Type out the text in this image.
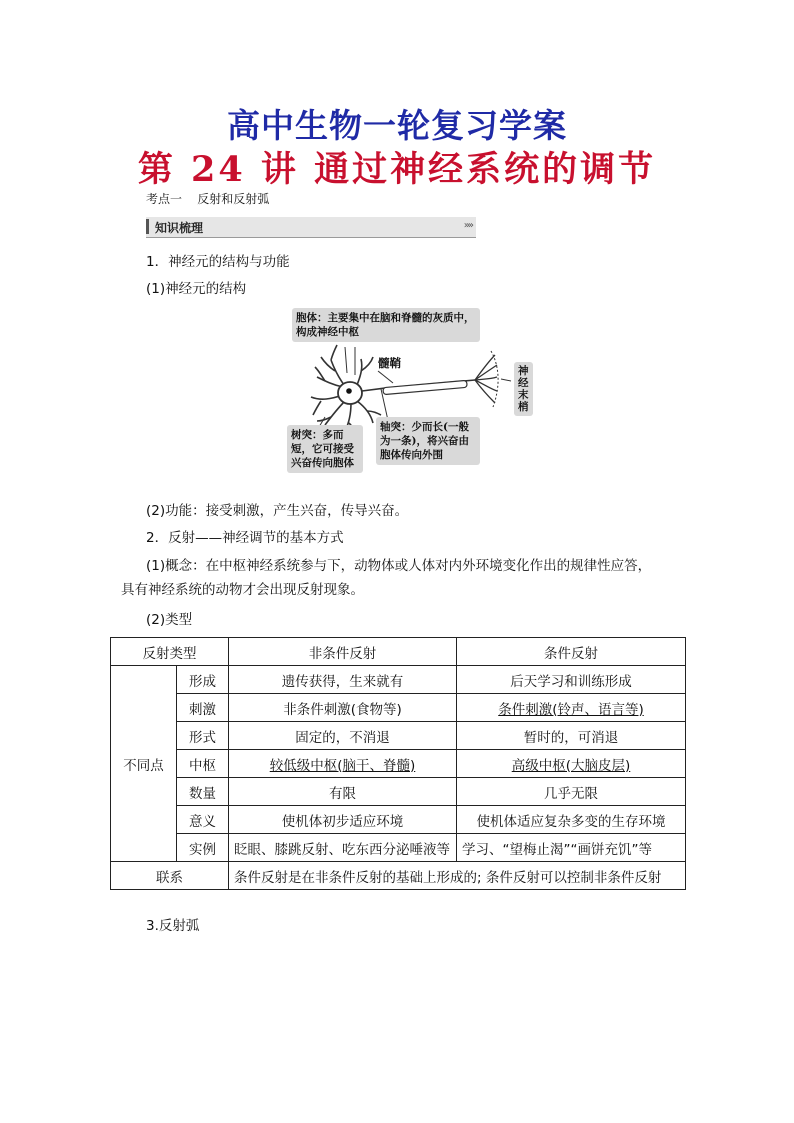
高中生物一轮复习学案
第 24 讲 通过神经系统的调节
考点一    反射和反射弧
知识梳理	»»
1．神经元的结构与功能
(1)神经元的结构
胞体：主要集中在脑和脊髓的灰质中，构成神经中枢
髓鞘
神经末梢
轴突：少而长(一般为一条)，将兴奋由胞体传向外围
树突：多而短，它可接受兴奋传向胞体
(2)功能：接受刺激，产生兴奋，传导兴奋。
2．反射——神经调节的基本方式
(1)概念：在中枢神经系统参与下，动物体或人体对内外环境变化作出的规律性应答，
具有神经系统的动物才会出现反射现象。
(2)类型
反射类型		非条件反射	条件反射
不同点	形成	遗传获得，生来就有	后天学习和训练形成
	刺激	非条件刺激(食物等)	条件刺激(铃声、语言等)
	形式	固定的，不消退	暂时的，可消退
	中枢	较低级中枢(脑干、脊髓)	高级中枢(大脑皮层)
	数量	有限	几乎无限
	意义	使机体初步适应环境	使机体适应复杂多变的生存环境
	实例	眨眼、膝跳反射、吃东西分泌唾液等	学习、“望梅止渴”“画饼充饥”等
联系		条件反射是在非条件反射的基础上形成的; 条件反射可以控制非条件反射	
3.反射弧
